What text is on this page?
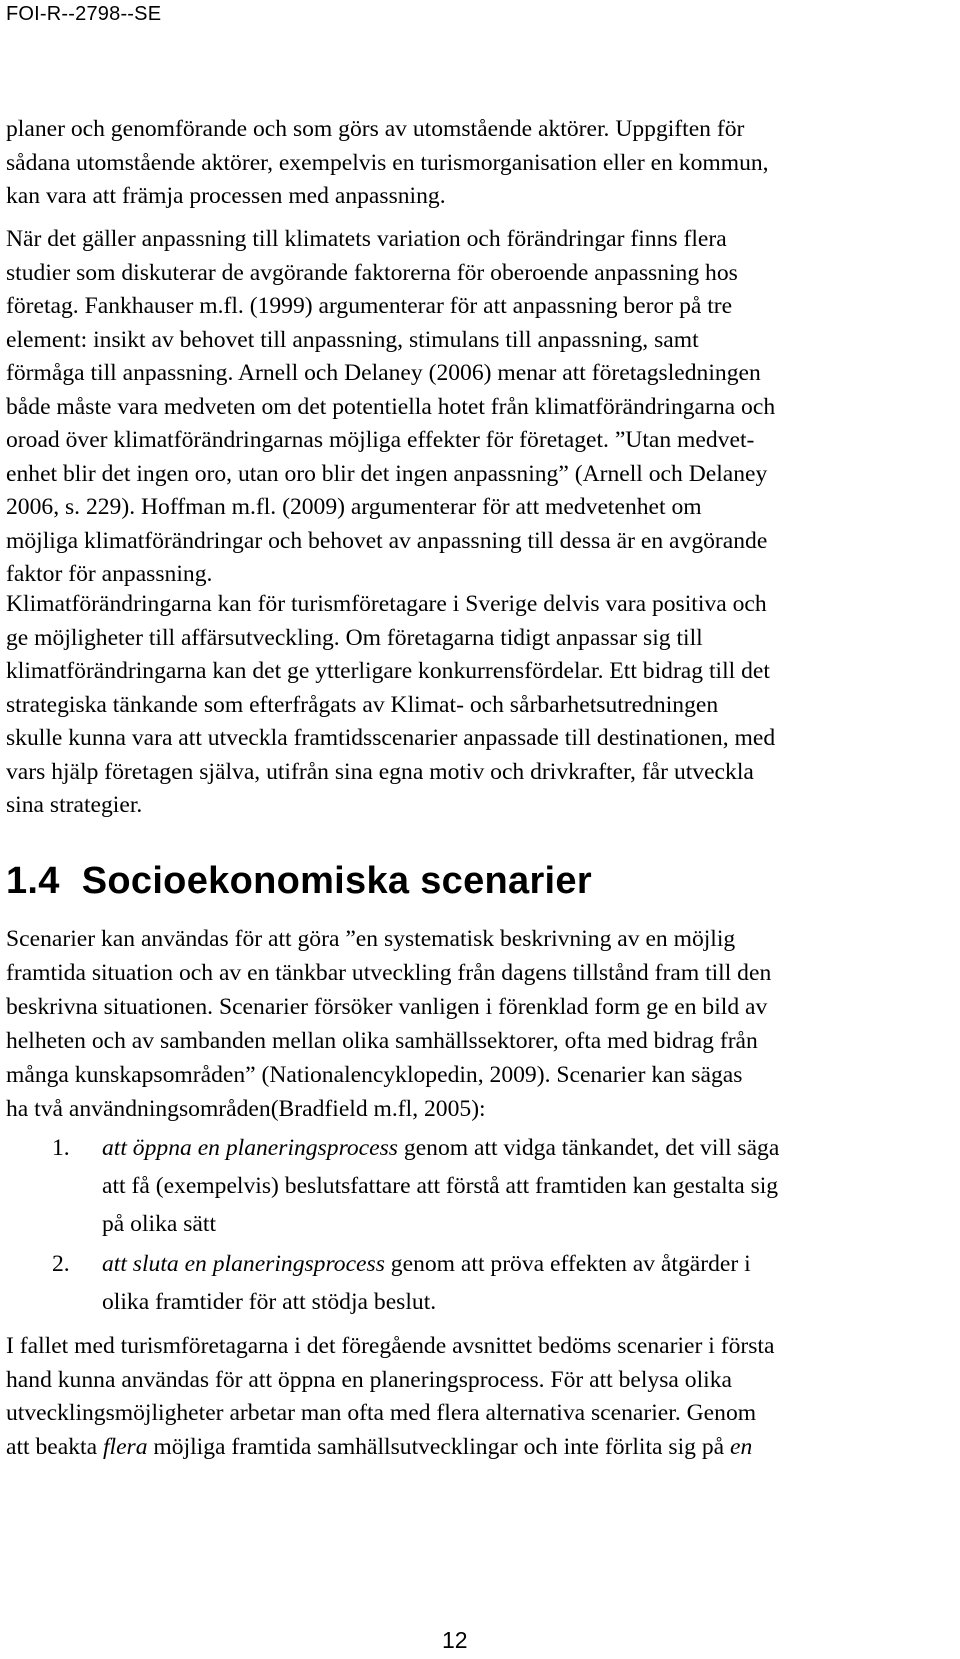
FOI-R--2798--SE

planer och genomförande och som görs av utomstående aktörer. Uppgiften för
sådana utomstående aktörer, exempelvis en turismorganisation eller en kommun,
kan vara att främja processen med anpassning.

När det gäller anpassning till klimatets variation och förändringar finns flera
studier som diskuterar de avgörande faktorerna för oberoende anpassning hos
företag. Fankhauser m.fl. (1999) argumenterar för att anpassning beror på tre
element: insikt av behovet till anpassning, stimulans till anpassning, samt
förmåga till anpassning. Arnell och Delaney (2006) menar att företagsledningen
både måste vara medveten om det potentiella hotet från klimatförändringarna och
oroad över klimatförändringarnas möjliga effekter för företaget. ”Utan medvet-
enhet blir det ingen oro, utan oro blir det ingen anpassning” (Arnell och Delaney
2006, s. 229). Hoffman m.fl. (2009) argumenterar för att medvetenhet om
möjliga klimatförändringar och behovet av anpassning till dessa är en avgörande
faktor för anpassning.

Klimatförändringarna kan för turismföretagare i Sverige delvis vara positiva och
ge möjligheter till affärsutveckling. Om företagarna tidigt anpassar sig till
klimatförändringarna kan det ge ytterligare konkurrensfördelar. Ett bidrag till det
strategiska tänkande som efterfrågats av Klimat- och sårbarhetsutredningen
skulle kunna vara att utveckla framtidsscenarier anpassade till destinationen, med
vars hjälp företagen själva, utifrån sina egna motiv och drivkrafter, får utveckla
sina strategier.

1.4 Socioekonomiska scenarier

Scenarier kan användas för att göra ”en systematisk beskrivning av en möjlig
framtida situation och av en tänkbar utveckling från dagens tillstånd fram till den
beskrivna situationen. Scenarier försöker vanligen i förenklad form ge en bild av
helheten och av sambanden mellan olika samhällssektorer, ofta med bidrag från
många kunskapsområden” (Nationalencyklopedin, 2009). Scenarier kan sägas
ha två användningsområden(Bradfield m.fl, 2005):

1. att öppna en planeringsprocess genom att vidga tänkandet, det vill säga
att få (exempelvis) beslutsfattare att förstå att framtiden kan gestalta sig
på olika sätt
2. att sluta en planeringsprocess genom att pröva effekten av åtgärder i
olika framtider för att stödja beslut.

I fallet med turismföretagarna i det föregående avsnittet bedöms scenarier i första
hand kunna användas för att öppna en planeringsprocess. För att belysa olika
utvecklingsmöjligheter arbetar man ofta med flera alternativa scenarier. Genom
att beakta flera möjliga framtida samhällsutvecklingar och inte förlita sig på en

12
